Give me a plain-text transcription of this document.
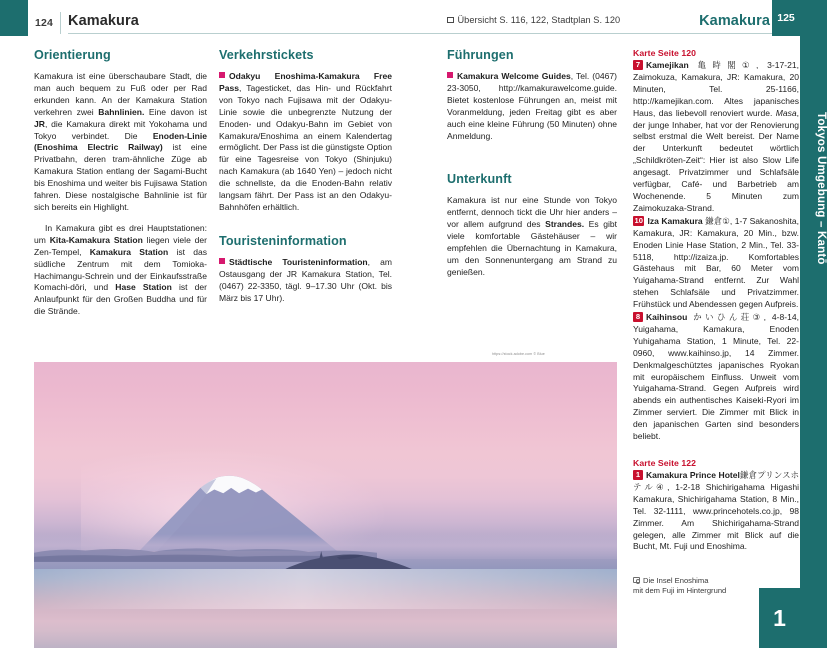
124	Kamakura	Übersicht S. 116, 122, Stadtplan S. 120	Kamakura 125
Tokyos Umgebung – Kantō
Orientierung

Kamakura ist eine überschaubare Stadt, die man auch bequem zu Fuß oder per Rad erkunden kann. An der Kamakura Station verkehren zwei Bahnlinien. Eine davon ist JR, die Kamakura direkt mit Yokohama und Tokyo verbindet. Die Enoden-Linie (Enoshima Electric Railway) ist eine Privatbahn, deren tram-ähnliche Züge ab Kamakura Station entlang der Sagami-Bucht bis Enoshima und weiter bis Fujisawa Station fahren. Diese nostalgische Bahnlinie ist für sich bereits ein Highlight.

In Kamakura gibt es drei Hauptstationen: um Kita-Kamakura Station liegen viele der Zen-Tempel, Kamakura Station ist das südliche Zentrum mit dem Tomioka-Hachimangu-Schrein und der Einkaufsstraße Komachi-dōri, und Hase Station ist der Anlaufpunkt für den Großen Buddha und für die Strände.

Verkehrstickets

Odakyu Enoshima-Kamakura Free Pass, Tagesticket, das Hin- und Rückfahrt von Tokyo nach Fujisawa mit der Odakyu-Linie sowie die unbegrenzte Nutzung der Enoden- und Odakyu-Bahn im Gebiet von Kamakura/Enoshima an einem Kalendertag ermöglicht. Der Pass ist die günstigste Option für eine Tagesreise von Tokyo (Shinjuku) nach Kamakura (ab 1640 Yen) – jedoch nicht die schnellste, da die Enoden-Bahn relativ langsam fährt. Der Pass ist an den Odakyu-Bahnhöfen erhältlich.

Touristeninformation

Städtische Touristeninformation, am Ostausgang der JR Kamakura Station, Tel. (0467) 22-3350, tägl. 9–17.30 Uhr (Okt. bis März bis 17 Uhr).

Führungen

Kamakura Welcome Guides, Tel. (0467) 23-3050, http://kamakurawelcome.guide. Bietet kostenlose Führungen an, meist mit Voranmeldung, jeden Freitag gibt es aber auch eine kleine Führung (50 Minuten) ohne Anmeldung.

Unterkunft

Kamakura ist nur eine Stunde von Tokyo entfernt, dennoch tickt die Uhr hier anders – vor allem aufgrund des Strandes. Es gibt viele komfortable Gästehäuser – wir empfehlen die Übernachtung in Kamakura, um den Sonnenuntergang am Strand zu genießen.

Karte Seite 120

7 Kamejikan 亀時閣①, 3-17-21, Zaimokuza, Kamakura, JR: Kamakura, 20 Minuten, Tel. 25-1166, http://kamejikan.com. Altes japanisches Haus, das liebevoll renoviert wurde. Masa, der junge Inhaber, hat vor der Renovierung selbst erstmal die Welt bereist. Der Name der Unterkunft bedeutet wörtlich „Schildkröten-Zeit“: Hier ist also Slow Life angesagt. Privatzimmer und Schlafsäle verfügbar, Café- und Barbetrieb am Wochenende. 5 Minuten zum Zaimokuzaka-Strand.

10 Iza Kamakura 鎌倉①, 1-7 Sakanoshita, Kamakura, JR: Kamakura, 20 Min., bzw. Enoden Linie Hase Station, 2 Min., Tel. 33-5118, http://izaiza.jp. Komfortables Gästehaus mit Bar, 60 Meter vom Yuigahama-Strand entfernt. Zur Wahl stehen Schlafsäle und Privatzimmer. Frühstück und Abendessen gegen Aufpreis.

8 Kaihinsou かいひん荘③, 4-8-14, Yuigahama, Kamakura, Enoden Yuhigahama Station, 1 Minute, Tel. 22-0960, www.kaihinso.jp, 14 Zimmer. Denkmalgeschütztes japanisches Ryokan mit europäischem Einfluss. Unweit vom Yuigahama-Strand. Gegen Aufpreis wird abends ein authentisches Kaiseki-Ryori im Zimmer serviert. Die Zimmer mit Blick in den japanischen Garten sind besonders beliebt.

Karte Seite 122

1 Kamakura Prince Hotel鎌倉プリンスホテル④, 1-2-18 Shichirigahama Higashi Kamakura, Shichirigahama Station, 8 Min., Tel. 32-1111, www.princehotels.co.jp, 98 Zimmer. Am Shichirigahama-Strand gelegen, alle Zimmer mit Blick auf die Bucht, Mt. Fuji und Enoshima.

https://stock.adobe.com © Blue
Die Insel Enoshima
mit dem Fuji im Hintergrund
1
